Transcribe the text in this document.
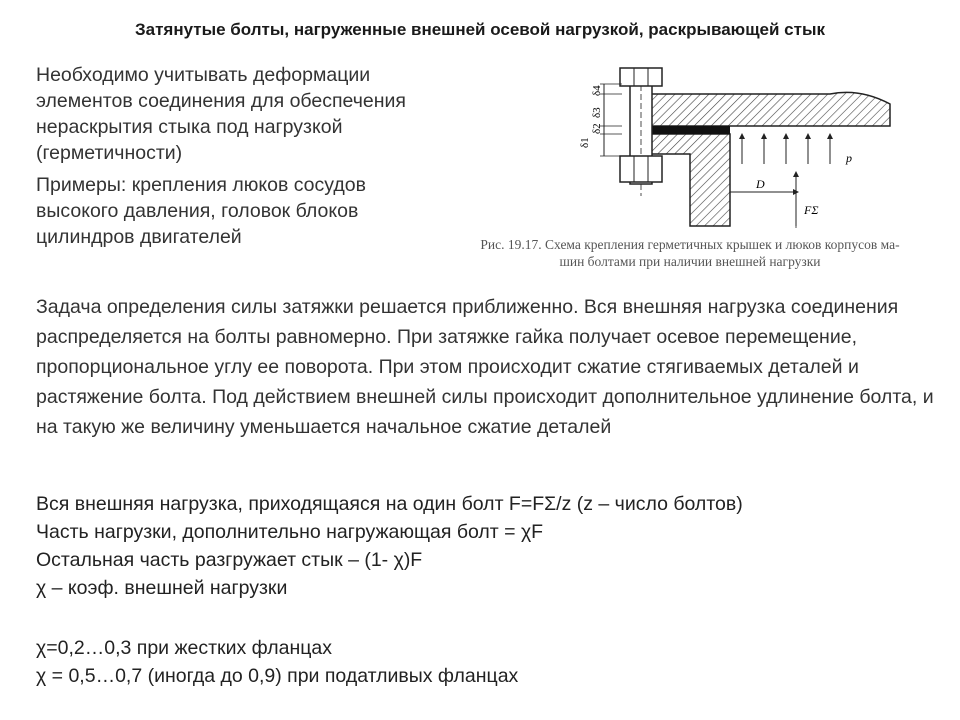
Затянутые болты, нагруженные внешней осевой нагрузкой, раскрывающей стык

Необходимо учитывать деформации элементов соединения для обеспечения нераскрытия стыка под нагрузкой (герметичности)

Примеры: крепления люков сосудов высокого давления, головок блоков цилиндров двигателей

δ1
δ2
δ3
δ4
p
D
FΣ
Рис. 19.17. Схема крепления герметичных крышек и люков корпусов ма-
шин болтами при наличии внешней нагрузки
Задача определения силы затяжки решается приближенно. Вся внешняя нагрузка соединения распределяется на болты равномерно. При затяжке гайка получает осевое перемещение, пропорциональное углу ее поворота. При этом происходит сжатие стягиваемых деталей и растяжение болта. Под действием внешней силы происходит дополнительное удлинение болта, и на такую же величину уменьшается начальное сжатие деталей
Вся внешняя нагрузка, приходящаяся на один болт F=FΣ/z (z – число болтов)
Часть нагрузки, дополнительно нагружающая болт = χF
Остальная часть разгружает стык – (1- χ)F
χ – коэф. внешней нагрузки
χ=0,2…0,3 при жестких фланцах
χ = 0,5…0,7 (иногда до 0,9) при податливых фланцах
